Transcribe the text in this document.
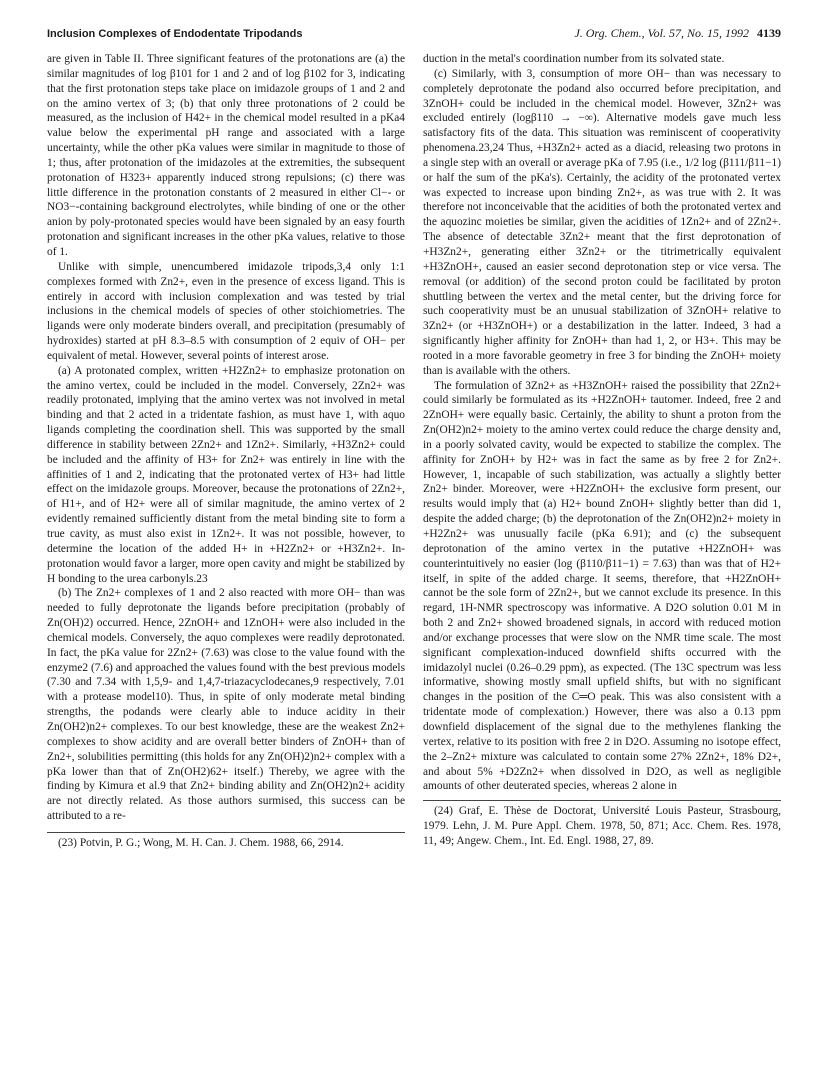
Inclusion Complexes of Endodentate Tripodands	J. Org. Chem., Vol. 57, No. 15, 1992 4139

are given in Table II. Three significant features of the protonations are (a) the similar magnitudes of log β101 for 1 and 2 and of log β102 for 3, indicating that the first protonation steps take place on imidazole groups of 1 and 2 and on the amino vertex of 3; (b) that only three protonations of 2 could be measured, as the inclusion of H42+ in the chemical model resulted in a pKa4 value below the experimental pH range and associated with a large uncertainty, while the other pKa values were similar in magnitude to those of 1; thus, after protonation of the imidazoles at the extremities, the subsequent protonation of H323+ apparently induced strong repulsions; (c) there was little difference in the protonation constants of 2 measured in either Cl−- or NO3−-containing background electrolytes, while binding of one or the other anion by poly-protonated species would have been signaled by an easy fourth protonation and significant increases in the other pKa values, relative to those of 1.

Unlike with simple, unencumbered imidazole tripods,3,4 only 1:1 complexes formed with Zn2+, even in the presence of excess ligand. This is entirely in accord with inclusion complexation and was tested by trial inclusions in the chemical models of species of other stoichiometries. The ligands were only moderate binders overall, and precipitation (presumably of hydroxides) started at pH 8.3–8.5 with consumption of 2 equiv of OH− per equivalent of metal. However, several points of interest arose.

(a) A protonated complex, written +H2Zn2+ to emphasize protonation on the amino vertex, could be included in the model. Conversely, 2Zn2+ was readily protonated, implying that the amino vertex was not involved in metal binding and that 2 acted in a tridentate fashion, as must have 1, with aquo ligands completing the coordination shell. This was supported by the small difference in stability between 2Zn2+ and 1Zn2+. Similarly, +H3Zn2+ could be included and the affinity of H3+ for Zn2+ was entirely in line with the affinities of 1 and 2, indicating that the protonated vertex of H3+ had little effect on the imidazole groups. Moreover, because the protonations of 2Zn2+, of H1+, and of H2+ were all of similar magnitude, the amino vertex of 2 evidently remained sufficiently distant from the metal binding site to form a true cavity, as must also exist in 1Zn2+. It was not possible, however, to determine the location of the added H+ in +H2Zn2+ or +H3Zn2+. In-protonation would favor a larger, more open cavity and might be stabilized by H bonding to the urea carbonyls.23

(b) The Zn2+ complexes of 1 and 2 also reacted with more OH− than was needed to fully deprotonate the ligands before precipitation (probably of Zn(OH)2) occurred. Hence, 2ZnOH+ and 1ZnOH+ were also included in the chemical models. Conversely, the aquo complexes were readily deprotonated. In fact, the pKa value for 2Zn2+ (7.63) was close to the value found with the enzyme2 (7.6) and approached the values found with the best previous models (7.30 and 7.34 with 1,5,9- and 1,4,7-triazacyclodecanes,9 respectively, 7.01 with a protease model10). Thus, in spite of only moderate metal binding strengths, the podands were clearly able to induce acidity in their Zn(OH2)n2+ complexes. To our best knowledge, these are the weakest Zn2+ complexes to show acidity and are overall better binders of ZnOH+ than of Zn2+, solubilities permitting (this holds for any Zn(OH)2)n2+ complex with a pKa lower than that of Zn(OH2)62+ itself.) Thereby, we agree with the finding by Kimura et al.9 that Zn2+ binding ability and Zn(OH2)n2+ acidity are not directly related. As those authors surmised, this success can be attributed to a re-

(23) Potvin, P. G.; Wong, M. H. Can. J. Chem. 1988, 66, 2914.

duction in the metal's coordination number from its solvated state.

(c) Similarly, with 3, consumption of more OH− than was necessary to completely deprotonate the podand also occurred before precipitation, and 3ZnOH+ could be included in the chemical model. However, 3Zn2+ was excluded entirely (logβ110 → −∞). Alternative models gave much less satisfactory fits of the data. This situation was reminiscent of cooperativity phenomena.23,24 Thus, +H3Zn2+ acted as a diacid, releasing two protons in a single step with an overall or average pKa of 7.95 (i.e., 1/2 log (β111/β11−1) or half the sum of the pKa's). Certainly, the acidity of the protonated vertex was expected to increase upon binding Zn2+, as was true with 2. It was therefore not inconceivable that the acidities of both the protonated vertex and the aquozinc moieties be similar, given the acidities of 1Zn2+ and of 2Zn2+. The absence of detectable 3Zn2+ meant that the first deprotonation of +H3Zn2+, generating either 3Zn2+ or the titrimetrically equivalent +H3ZnOH+, caused an easier second deprotonation step or vice versa. The removal (or addition) of the second proton could be facilitated by proton shuttling between the vertex and the metal center, but the driving force for such cooperativity must be an unusual stabilization of 3ZnOH+ relative to 3Zn2+ (or +H3ZnOH+) or a destabilization in the latter. Indeed, 3 had a significantly higher affinity for ZnOH+ than had 1, 2, or H3+. This may be rooted in a more favorable geometry in free 3 for binding the ZnOH+ moiety than is available with the others.

The formulation of 3Zn2+ as +H3ZnOH+ raised the possibility that 2Zn2+ could similarly be formulated as its +H2ZnOH+ tautomer. Indeed, free 2 and 2ZnOH+ were equally basic. Certainly, the ability to shunt a proton from the Zn(OH2)n2+ moiety to the amino vertex could reduce the charge density and, in a poorly solvated cavity, would be expected to stabilize the complex. The affinity for ZnOH+ by H2+ was in fact the same as by free 2 for Zn2+. However, 1, incapable of such stabilization, was actually a slightly better Zn2+ binder. Moreover, were +H2ZnOH+ the exclusive form present, our results would imply that (a) H2+ bound ZnOH+ slightly better than did 1, despite the added charge; (b) the deprotonation of the Zn(OH2)n2+ moiety in +H2Zn2+ was unusually facile (pKa 6.91); and (c) the subsequent deprotonation of the amino vertex in the putative +H2ZnOH+ was counterintuitively no easier (log (β110/β11−1) = 7.63) than was that of H2+ itself, in spite of the added charge. It seems, therefore, that +H2ZnOH+ cannot be the sole form of 2Zn2+, but we cannot exclude its presence. In this regard, 1H-NMR spectroscopy was informative. A D2O solution 0.01 M in both 2 and Zn2+ showed broadened signals, in accord with reduced motion and/or exchange processes that were slow on the NMR time scale. The most significant complexation-induced downfield shifts occurred with the imidazolyl nuclei (0.26–0.29 ppm), as expected. (The 13C spectrum was less informative, showing mostly small upfield shifts, but with no significant changes in the position of the C═O peak. This was also consistent with a tridentate mode of complexation.) However, there was also a 0.13 ppm downfield displacement of the signal due to the methylenes flanking the vertex, relative to its position with free 2 in D2O. Assuming no isotope effect, the 2–Zn2+ mixture was calculated to contain some 27% 2Zn2+, 18% D2+, and about 5% +D2Zn2+ when dissolved in D2O, as well as negligible amounts of other deuterated species, whereas 2 alone in

(24) Graf, E. Thèse de Doctorat, Université Louis Pasteur, Strasbourg, 1979. Lehn, J. M. Pure Appl. Chem. 1978, 50, 871; Acc. Chem. Res. 1978, 11, 49; Angew. Chem., Int. Ed. Engl. 1988, 27, 89.
